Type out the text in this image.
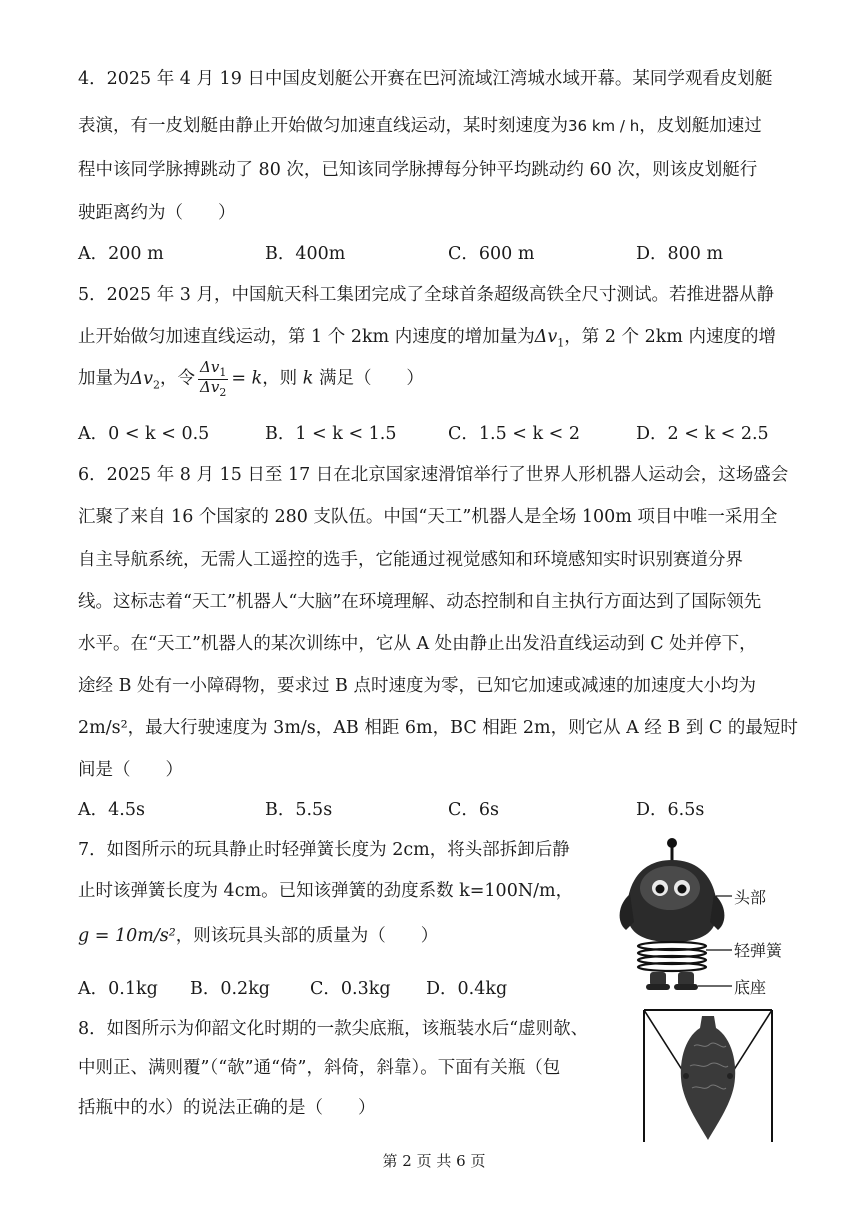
4．2025 年 4 月 19 日中国皮划艇公开赛在巴河流域江湾城水域开幕。某同学观看皮划艇
表演，有一皮划艇由静止开始做匀加速直线运动，某时刻速度为36 km / h，皮划艇加速过
程中该同学脉搏跳动了 80 次，已知该同学脉搏每分钟平均跳动约 60 次，则该皮划艇行
驶距离约为（　　）
A．200 m	B．400m	C．600 m	D．800 m
5．2025 年 3 月，中国航天科工集团完成了全球首条超级高铁全尺寸测试。若推进器从静
止开始做匀加速直线运动，第 1 个 2km 内速度的增加量为$\Delta v_1$，第 2 个 2km 内速度的增
加量为$\Delta v_2$，令 $\frac{\Delta v_1}{\Delta v_2} = k$，则 k 满足（　　）
A．0 < k < 0.5	B．1 < k < 1.5	C．1.5 < k < 2	D．2 < k < 2.5
6．2025 年 8 月 15 日至 17 日在北京国家速滑馆举行了世界人形机器人运动会，这场盛会
汇聚了来自 16 个国家的 280 支队伍。中国“天工”机器人是全场 100m 项目中唯一采用全
自主导航系统，无需人工遥控的选手，它能通过视觉感知和环境感知实时识别赛道分界
线。这标志着“天工”机器人“大脑”在环境理解、动态控制和自主执行方面达到了国际领先
水平。在“天工”机器人的某次训练中，它从 A 处由静止出发沿直线运动到 C 处并停下，
途经 B 处有一小障碍物，要求过 B 点时速度为零，已知它加速或减速的加速度大小均为
2m/s²，最大行驶速度为 3m/s，AB 相距 6m，BC 相距 2m，则它从 A 经 B 到 C 的最短时
间是（　　）
A．4.5s	B．5.5s	C．6s	D．6.5s
7．如图所示的玩具静止时轻弹簧长度为 2cm，将头部拆卸后静
止时该弹簧长度为 4cm。已知该弹簧的劲度系数 k=100N/m，
g = 10m/s²，则该玩具头部的质量为（　　）
A．0.1kg B．0.2kg C．0.3kg D．0.4kg
头部
轻弹簧
底座
8．如图所示为仰韶文化时期的一款尖底瓶，该瓶装水后“虚则欹、
中则正、满则覆”（“欹”通“倚”，斜倚，斜靠）。下面有关瓶（包
括瓶中的水）的说法正确的是（　　）
第 2 页 共 6 页
